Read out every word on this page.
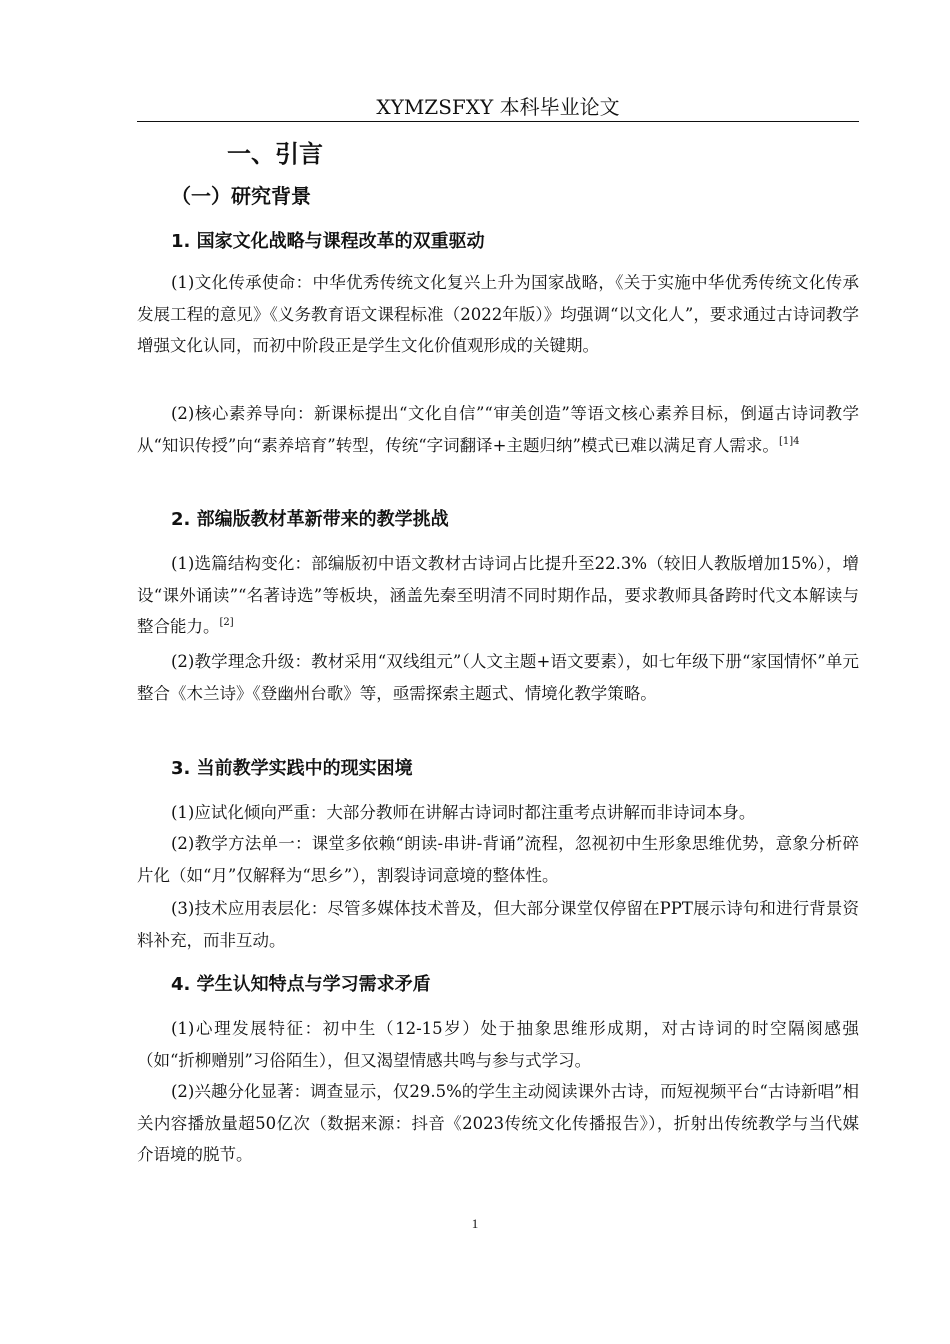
XYMZSFXY 本科毕业论文
一、引言
（一）研究背景
1. 国家文化战略与课程改革的双重驱动

(1)文化传承使命：中华优秀传统文化复兴上升为国家战略，《关于实施中华优秀传统文化传承发展工程的意见》《义务教育语文课程标准（2022年版）》均强调“以文化人”，要求通过古诗词教学增强文化认同，而初中阶段正是学生文化价值观形成的关键期。

(2)核心素养导向：新课标提出“文化自信”“审美创造”等语文核心素养目标，倒逼古诗词教学从“知识传授”向“素养培育”转型，传统“字词翻译+主题归纳”模式已难以满足育人需求。$^{[1]4}$

2. 部编版教材革新带来的教学挑战

(1)选篇结构变化：部编版初中语文教材古诗词占比提升至22.3%（较旧人教版增加15%），增设“课外诵读”“名著诗选”等板块，涵盖先秦至明清不同时期作品，要求教师具备跨时代文本解读与整合能力。[2]

(2)教学理念升级：教材采用“双线组元”（人文主题+语文要素），如七年级下册“家国情怀”单元整合《木兰诗》《登幽州台歌》等，亟需探索主题式、情境化教学策略。

3. 当前教学实践中的现实困境

(1)应试化倾向严重：大部分教师在讲解古诗词时都注重考点讲解而非诗词本身。

(2)教学方法单一：课堂多依赖“朗读-串讲-背诵”流程，忽视初中生形象思维优势，意象分析碎片化（如“月”仅解释为“思乡”），割裂诗词意境的整体性。

(3)技术应用表层化：尽管多媒体技术普及，但大部分课堂仅停留在PPT展示诗句和进行背景资料补充，而非互动。

4. 学生认知特点与学习需求矛盾

(1)心理发展特征：初中生（12-15岁）处于抽象思维形成期，对古诗词的时空隔阂感强（如“折柳赠别”习俗陌生），但又渴望情感共鸣与参与式学习。

(2)兴趣分化显著：调查显示，仅29.5%的学生主动阅读课外古诗，而短视频平台“古诗新唱”相关内容播放量超50亿次（数据来源：抖音《2023传统文化传播报告》），折射出传统教学与当代媒介语境的脱节。

1
